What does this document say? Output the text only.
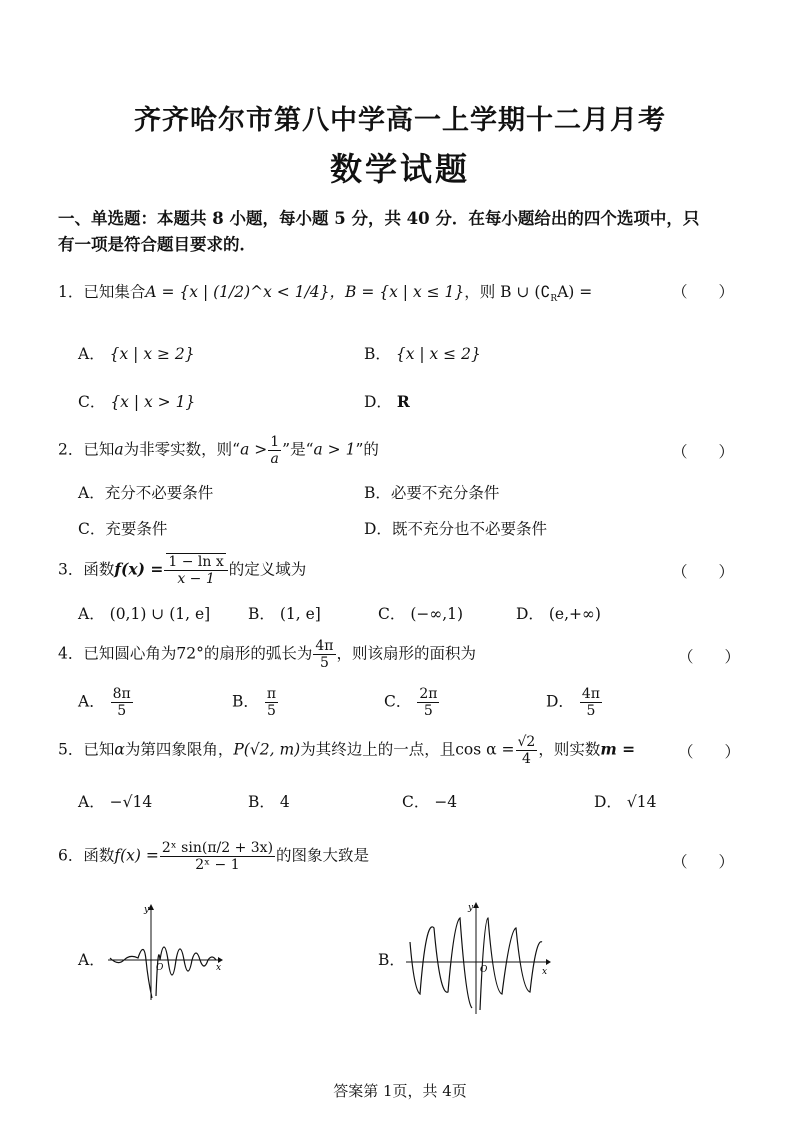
齐齐哈尔市第八中学高一上学期十二月月考
数学试题
一、单选题：本题共 8 小题，每小题 5 分，共 40 分．在每小题给出的四个选项中，只
有一项是符合题目要求的．
1．已知集合A = {x | (1/2)^x < 1/4}，B = {x | x ≤ 1}，则 B ∪ $(∁_RA)$ =	（　　）
A． {x | x ≥ 2}	B． {x | x ≤ 2}
C． {x | x > 1}	D． R
2．已知a为非零实数，则“$a > \frac{1}{a}$ ”是“a > 1”的	（　　）
A．充分不必要条件	B．必要不充分条件
C．充要条件	D．既不充分也不必要条件
3．函数$f(x) = \frac{\text{1 − ln x}}{x - 1}$ 的定义域为	（　　）
A． (0,1) ∪ (1, e] B． (1, e]	C． (−∞,1)	D． (e,+∞)
4．已知圆心角为72°的扇形的弧长为 $\frac{4\pi}{5}$ ，则该扇形的面积为	（　　）
A． $\frac{8\pi}{5}$	B． $\frac{\pi}{5}$	C． $\frac{2\pi}{5}$	D． $\frac{4\pi}{5}$
5．已知α为第四象限角，P(√2, m)为其终边上的一点，且$\cos \alpha = \frac{√2}{4}$ ，则实数m =	（　　）
A． −√14	B． 4	C． −4	D． √14
6．函数$f(x) = \frac{\text{2ˣ sin(π/2 + 3x)}}{\text{2ˣ − 1}}$ 的图象大致是	（　　）
A．
y
x
O	B．
y
x
O
答案第 1页，共 4页
